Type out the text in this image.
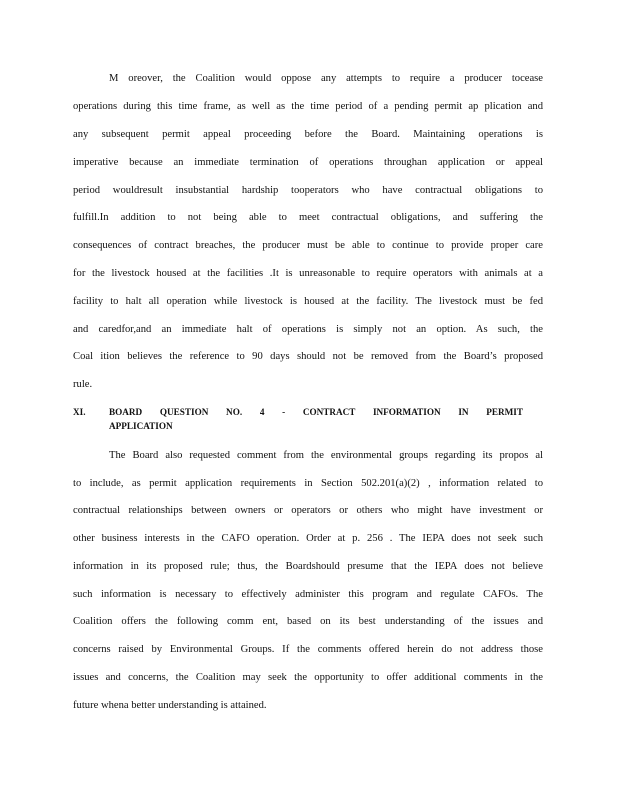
M oreover, the Coalition would oppose any attempts to require a producer tocease
operations during this time frame, as well as the time period of a pending permit ap plication and
any subsequent permit appeal proceeding before the Board. Maintaining operations is
imperative because an immediate termination of operations throughan application or appeal
period wouldresult insubstantial hardship tooperators who have contractual obligations to
fulfill.In addition to not being able to meet contractual obligations, and suffering the
consequences of contract breaches, the producer must be able to continue to provide proper care
for the livestock housed at the facilities .It is unreasonable to require operators with animals at a
facility to halt all operation while livestock is housed at the facility. The livestock must be fed
and caredfor,and an immediate halt of operations is simply not an option. As such, the
Coal ition believes the reference to 90 days should not be removed from the Board’s proposed
rule.
XI.	BOARD QUESTION NO. 4 - CONTRACT INFORMATION IN PERMIT
APPLICATION
The Board also requested comment from the environmental groups regarding its propos al
to include, as permit application requirements in Section 502.201(a)(2) , information related to
contractual relationships between owners or operators or others who might have investment or
other business interests in the CAFO operation. Order at p. 256 . The IEPA does not seek such
information in its proposed rule; thus, the Boardshould presume that the IEPA does not believe
such information is necessary to effectively administer this program and regulate CAFOs. The
Coalition offers the following comm ent, based on its best understanding of the issues and
concerns raised by Environmental Groups. If the comments offered herein do not address those
issues and concerns, the Coalition may seek the opportunity to offer additional comments in the
future whena better understanding is attained.
